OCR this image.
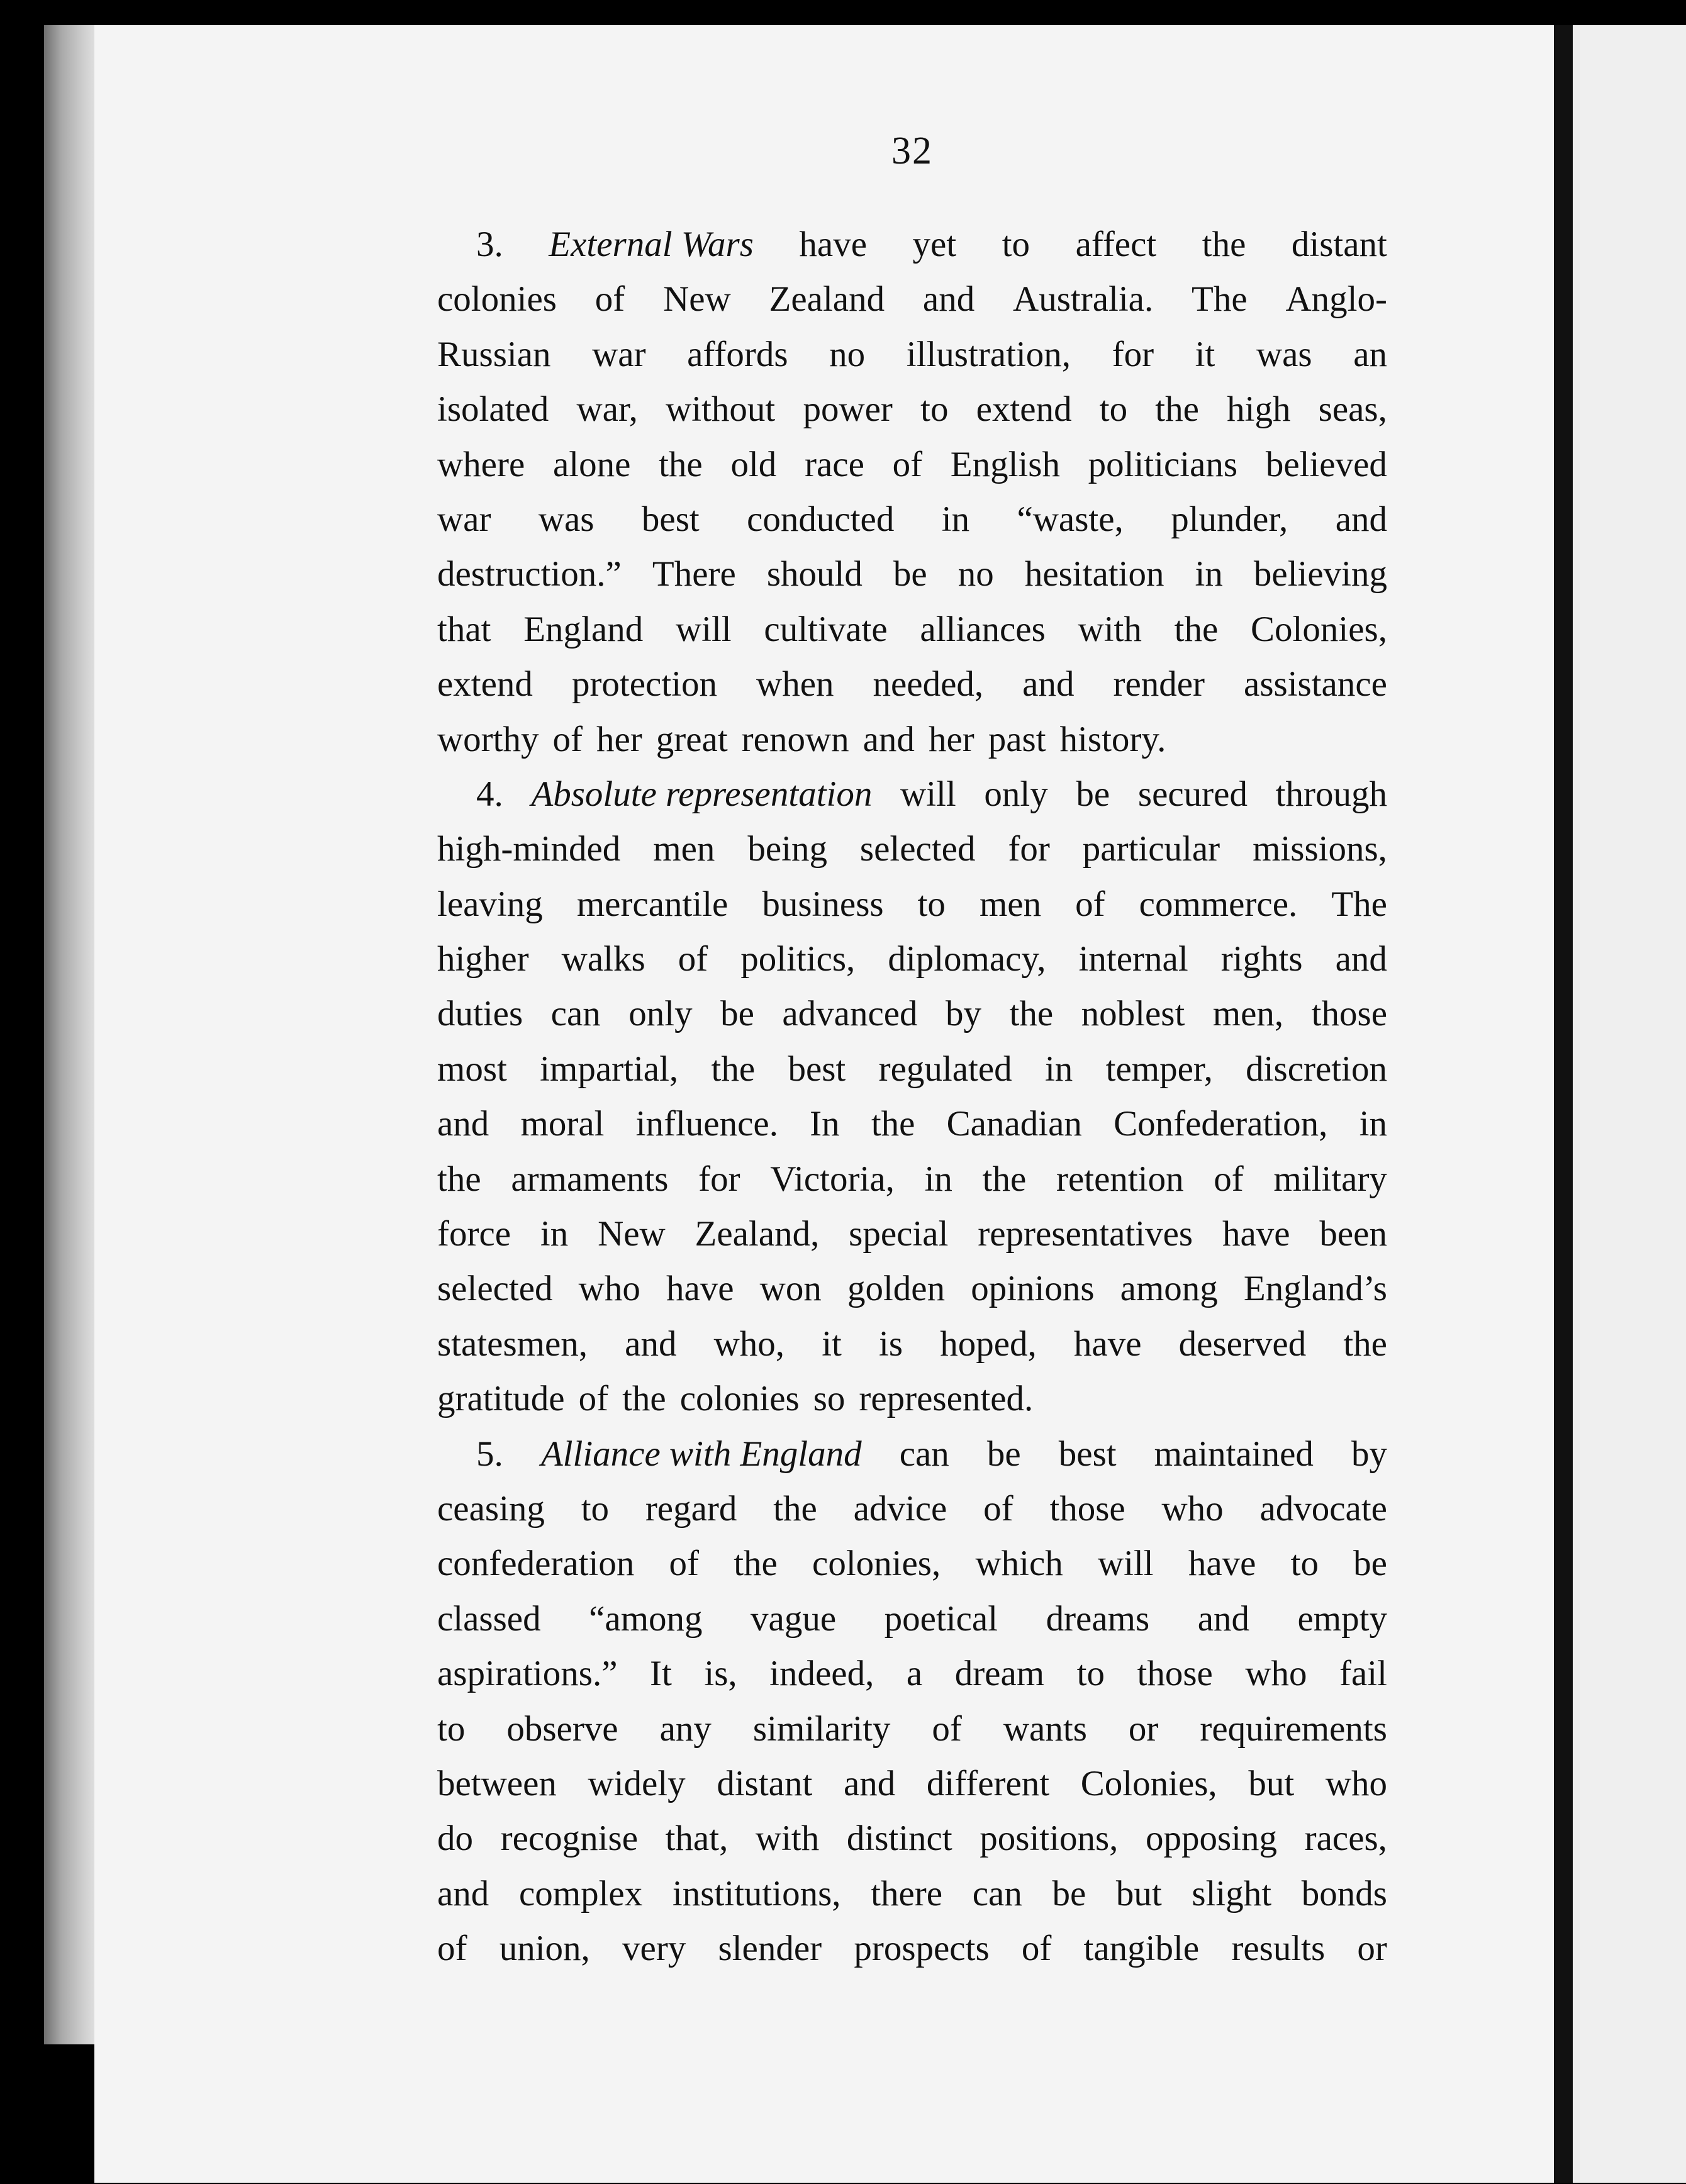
32
3. External Wars have yet to affect the distant
colonies of New Zealand and Australia. The Anglo-
Russian war affords no illustration, for it was an
isolated war, without power to extend to the high seas,
where alone the old race of English politicians believed
war was best conducted in “waste, plunder, and
destruction.” There should be no hesitation in believing
that England will cultivate alliances with the Colonies,
extend protection when needed, and render assistance
worthy of her great renown and her past history.
4. Absolute representation will only be secured through
high-minded men being selected for particular missions,
leaving mercantile business to men of commerce. The
higher walks of politics, diplomacy, internal rights and
duties can only be advanced by the noblest men, those
most impartial, the best regulated in temper, discretion
and moral influence. In the Canadian Confederation, in
the armaments for Victoria, in the retention of military
force in New Zealand, special representatives have been
selected who have won golden opinions among England’s
statesmen, and who, it is hoped, have deserved the
gratitude of the colonies so represented.
5. Alliance with England can be best maintained by
ceasing to regard the advice of those who advocate
confederation of the colonies, which will have to be
classed “among vague poetical dreams and empty
aspirations.” It is, indeed, a dream to those who fail
to observe any similarity of wants or requirements
between widely distant and different Colonies, but who
do recognise that, with distinct positions, opposing races,
and complex institutions, there can be but slight bonds
of union, very slender prospects of tangible results or
